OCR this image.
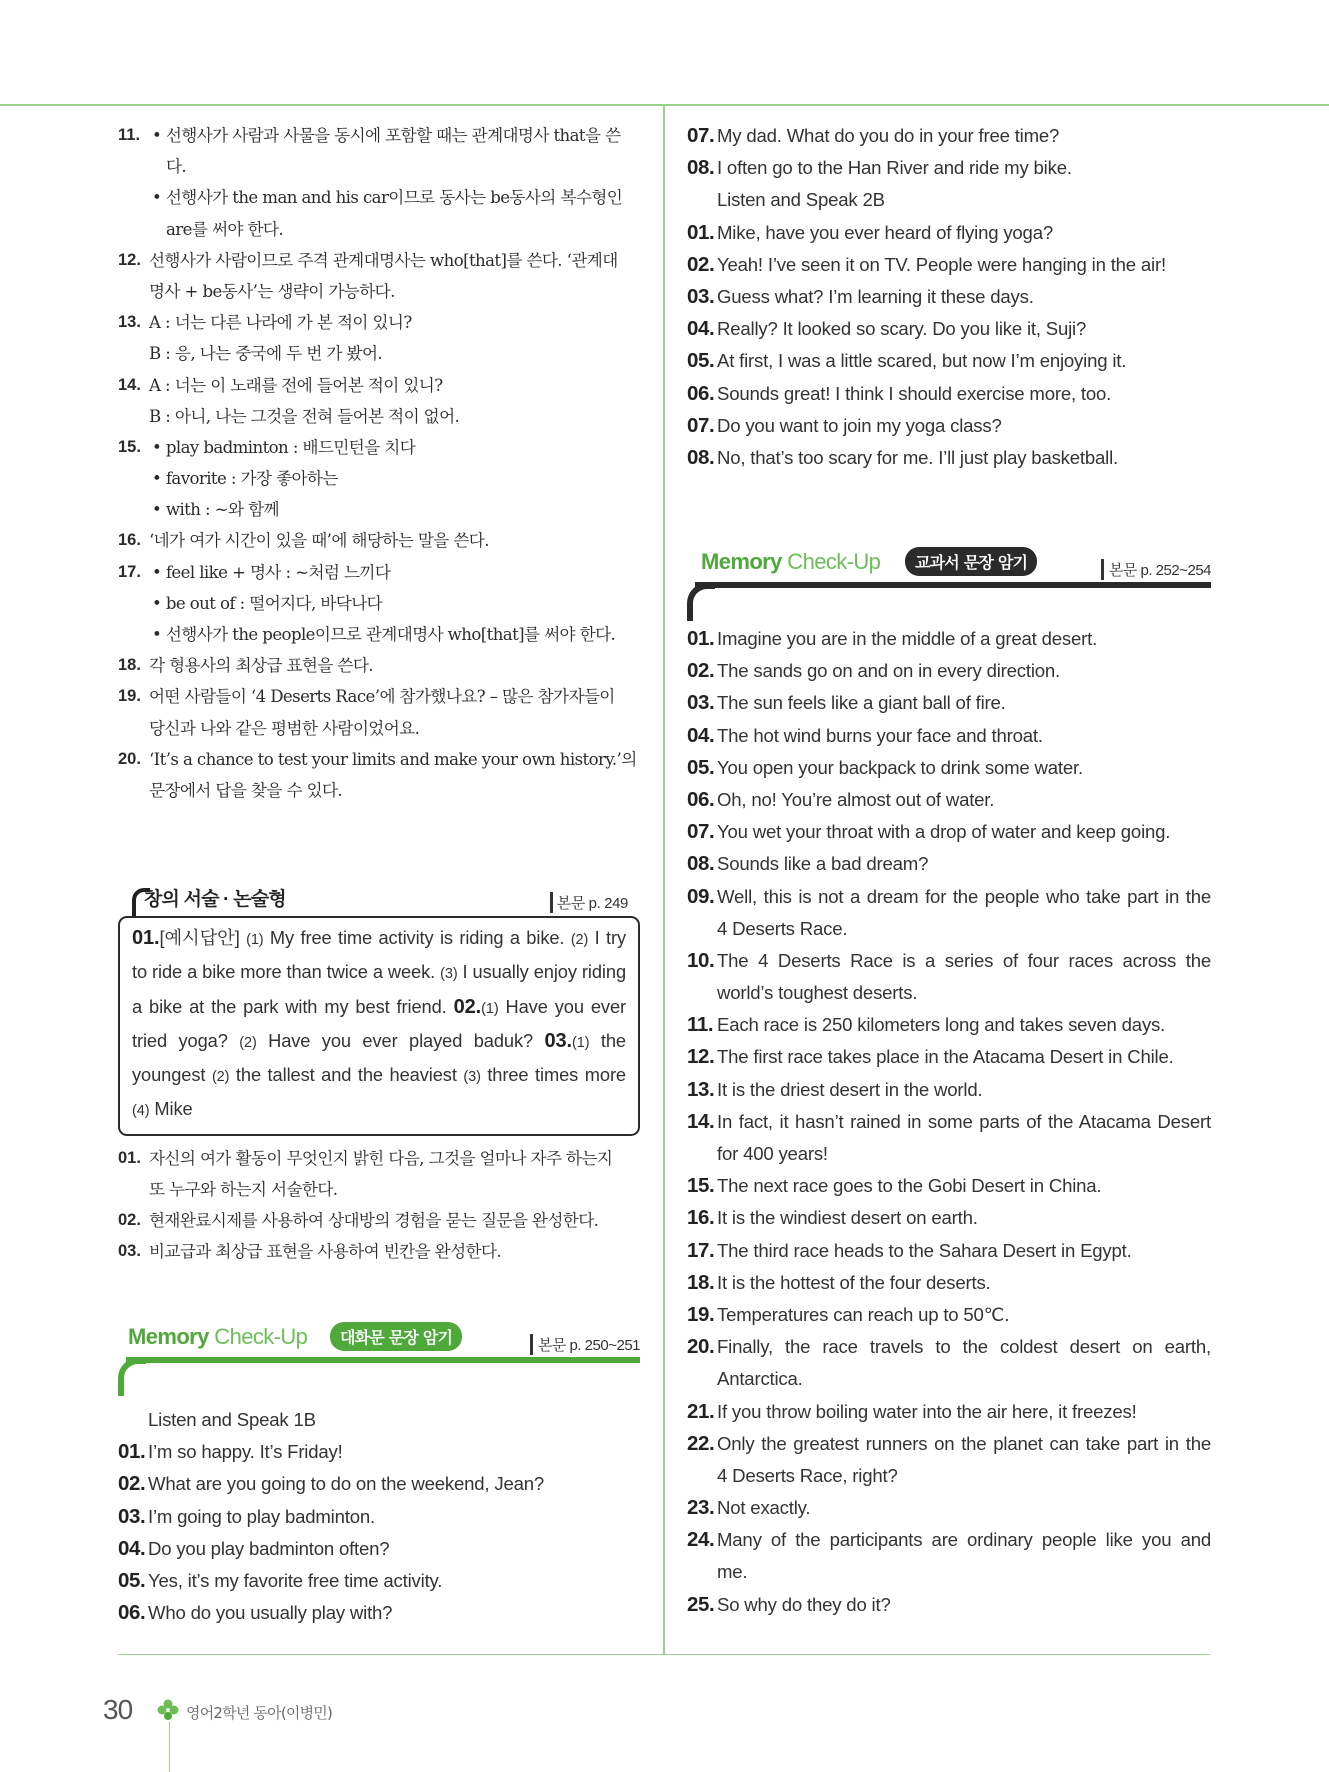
11. • 선행사가 사람과 사물을 동시에 포함할 때는 관계대명사 that을 쓴
다.
• 선행사가 the man and his car이므로 동사는 be동사의 복수형인
are를 써야 한다.
12. 선행사가 사람이므로 주격 관계대명사는 who[that]를 쓴다. ‘관계대
명사 + be동사’는 생략이 가능하다.
13. A : 너는 다른 나라에 가 본 적이 있니?
B : 응, 나는 중국에 두 번 가 봤어.
14. A : 너는 이 노래를 전에 들어본 적이 있니?
B : 아니, 나는 그것을 전혀 들어본 적이 없어.
15. • play badminton : 배드민턴을 치다
• favorite : 가장 좋아하는
• with : ~와 함께
16. ‘네가 여가 시간이 있을 때’에 해당하는 말을 쓴다.
17. • feel like + 명사 : ~처럼 느끼다
• be out of : 떨어지다, 바닥나다
• 선행사가 the people이므로 관계대명사 who[that]를 써야 한다.
18. 각 형용사의 최상급 표현을 쓴다.
19. 어떤 사람들이 ‘4 Deserts Race’에 참가했나요? – 많은 참가자들이
당신과 나와 같은 평범한 사람이었어요.
20. ‘It’s a chance to test your limits and make your own history.’의
문장에서 답을 찾을 수 있다.
창의 서술 · 논술형	본문 p. 249
01.[예시답안] (1) My free time activity is riding a bike. (2) I try to ride a bike more than twice a week. (3) I usually enjoy riding a bike at the park with my best friend. 02.(1) Have you ever tried yoga? (2) Have you ever played baduk? 03.(1) the youngest (2) the tallest and the heaviest (3) three times more (4) Mike
01. 자신의 여가 활동이 무엇인지 밝힌 다음, 그것을 얼마나 자주 하는지
또 누구와 하는지 서술한다.
02. 현재완료시제를 사용하여 상대방의 경험을 묻는 질문을 완성한다.
03. 비교급과 최상급 표현을 사용하여 빈칸을 완성한다.
Memory Check-Up	대화문 문장 암기	본문 p. 250~251
Listen and Speak 1B
01. I’m so happy. It’s Friday!
02. What are you going to do on the weekend, Jean?
03. I’m going to play badminton.
04. Do you play badminton often?
05. Yes, it’s my favorite free time activity.
06. Who do you usually play with?
07. My dad. What do you do in your free time?
08. I often go to the Han River and ride my bike.
Listen and Speak 2B
01. Mike, have you ever heard of flying yoga?
02. Yeah! I’ve seen it on TV. People were hanging in the air!
03. Guess what? I’m learning it these days.
04. Really? It looked so scary. Do you like it, Suji?
05. At first, I was a little scared, but now I’m enjoying it.
06. Sounds great! I think I should exercise more, too.
07. Do you want to join my yoga class?
08. No, that’s too scary for me. I’ll just play basketball.
Memory Check-Up	교과서 문장 암기	본문 p. 252~254
01. Imagine you are in the middle of a great desert.
02. The sands go on and on in every direction.
03. The sun feels like a giant ball of fire.
04. The hot wind burns your face and throat.
05. You open your backpack to drink some water.
06. Oh, no! You’re almost out of water.
07. You wet your throat with a drop of water and keep going.
08. Sounds like a bad dream?
09. Well, this is not a dream for the people who take part in the
4 Deserts Race.
10. The 4 Deserts Race is a series of four races across the
world’s toughest deserts.
11. Each race is 250 kilometers long and takes seven days.
12. The first race takes place in the Atacama Desert in Chile.
13. It is the driest desert in the world.
14. In fact, it hasn’t rained in some parts of the Atacama Desert
for 400 years!
15. The next race goes to the Gobi Desert in China.
16. It is the windiest desert on earth.
17. The third race heads to the Sahara Desert in Egypt.
18. It is the hottest of the four deserts.
19. Temperatures can reach up to 50℃.
20. Finally, the race travels to the coldest desert on earth,
Antarctica.
21. If you throw boiling water into the air here, it freezes!
22. Only the greatest runners on the planet can take part in the
4 Deserts Race, right?
23. Not exactly.
24. Many of the participants are ordinary people like you and
me.
25. So why do they do it?
30	영어2학년 동아(이병민)
